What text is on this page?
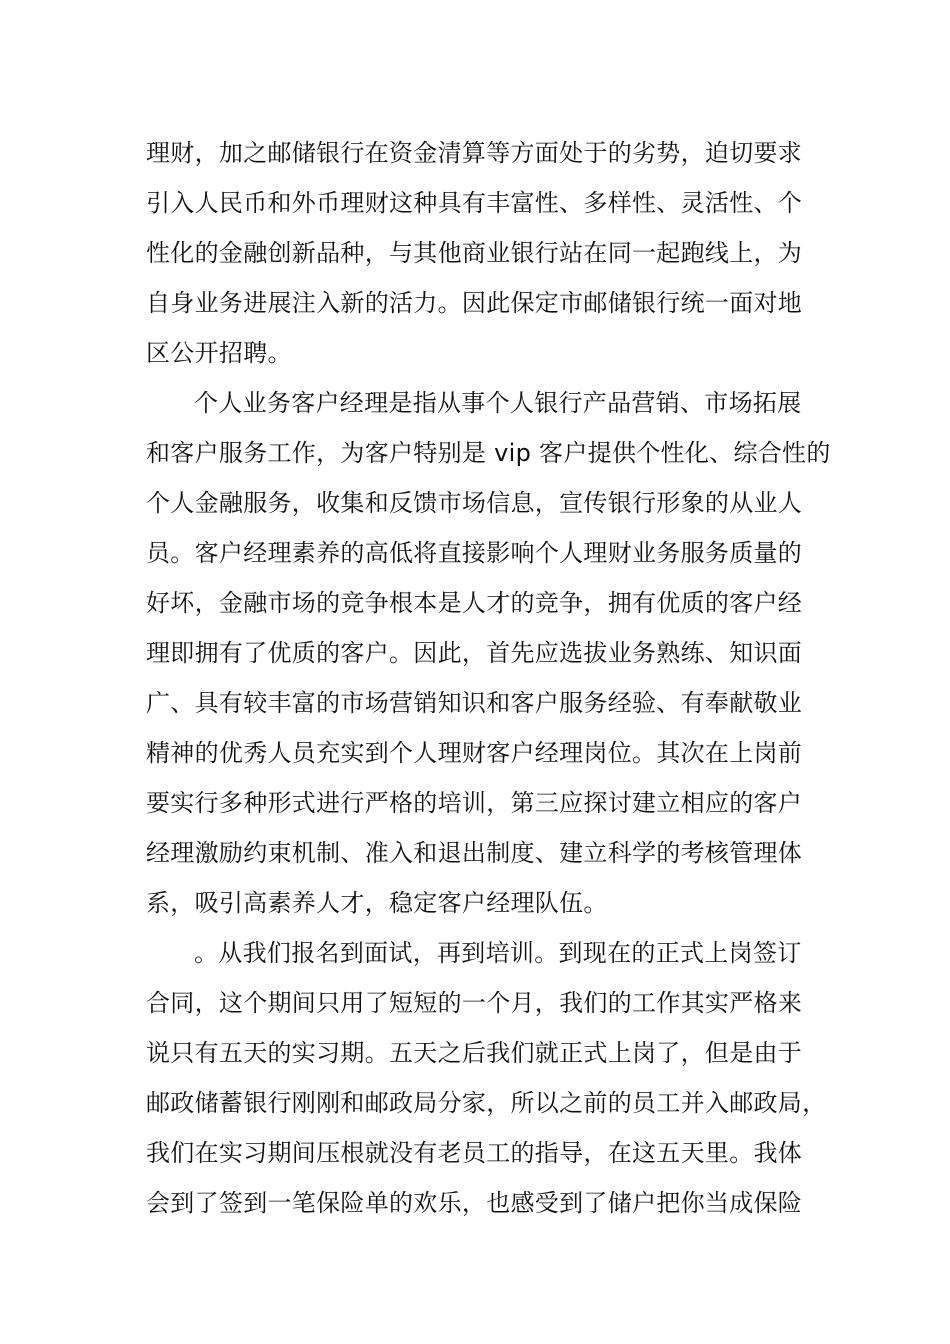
理财，加之邮储银行在资金清算等方面处于的劣势，迫切要求
引入人民币和外币理财这种具有丰富性、多样性、灵活性、个
性化的金融创新品种，与其他商业银行站在同一起跑线上，为
自身业务进展注入新的活力。因此保定市邮储银行统一面对地
区公开招聘。
个人业务客户经理是指从事个人银行产品营销、市场拓展
和客户服务工作，为客户特别是 vip 客户提供个性化、综合性的
个人金融服务，收集和反馈市场信息，宣传银行形象的从业人
员。客户经理素养的高低将直接影响个人理财业务服务质量的
好坏，金融市场的竞争根本是人才的竞争，拥有优质的客户经
理即拥有了优质的客户。因此，首先应选拔业务熟练、知识面
广、具有较丰富的市场营销知识和客户服务经验、有奉献敬业
精神的优秀人员充实到个人理财客户经理岗位。其次在上岗前
要实行多种形式进行严格的培训，第三应探讨建立相应的客户
经理激励约束机制、准入和退出制度、建立科学的考核管理体
系，吸引高素养人才，稳定客户经理队伍。
。从我们报名到面试，再到培训。到现在的正式上岗签订
合同，这个期间只用了短短的一个月，我们的工作其实严格来
说只有五天的实习期。五天之后我们就正式上岗了，但是由于
邮政储蓄银行刚刚和邮政局分家，所以之前的员工并入邮政局，
我们在实习期间压根就没有老员工的指导，在这五天里。我体
会到了签到一笔保险单的欢乐，也感受到了储户把你当成保险
